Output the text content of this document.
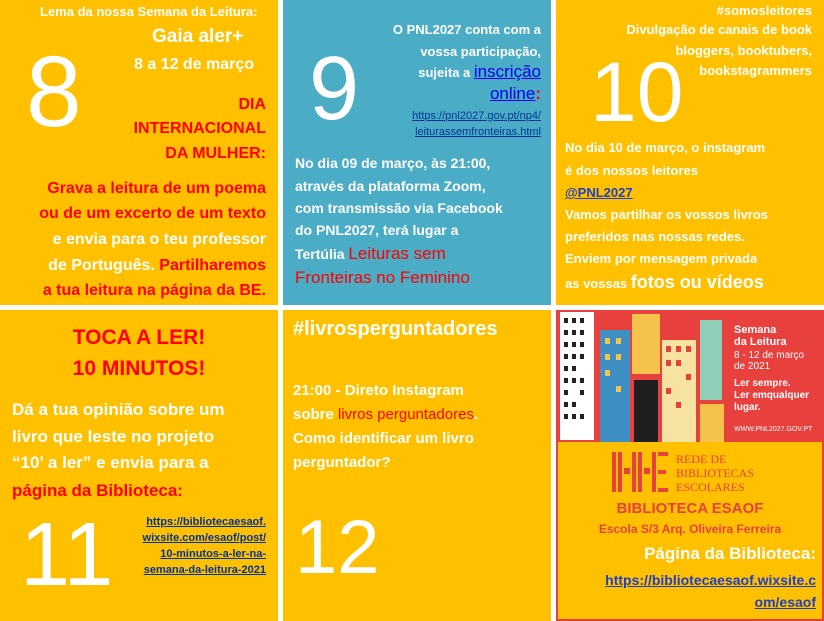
8
Lema da nossa Semana da Leitura:
Gaia aler+
8 a 12 de março
DIA
INTERNACIONAL
DA MULHER:
Grava a leitura de um poema
ou de um excerto de um texto
e envia para o teu professor
de Português. Partilharemos
a tua leitura na página da BE.
9
O PNL2027 conta com a
vossa participação,
sujeita a inscrição
online:
https://pnl2027.gov.pt/np4/
leiturassemfronteiras.html
No dia 09 de março, às 21:00,
através da plataforma Zoom,
com transmissão via Facebook
do PNL2027, terá lugar a
Tertúlia Leituras sem
Fronteiras no Feminino
10
#somosleitores
Divulgação de canais de book
bloggers, booktubers,
bookstagrammers
No dia 10 de março, o instagram
é dos nossos leitores
@PNL2027
Vamos partilhar os vossos livros
preferidos nas nossas redes.
Enviem por mensagem privada
as vossas fotos ou vídeos
TOCA A LER!
10 MINUTOS!
Dá a tua opinião sobre um
livro que leste no projeto
“10’ a ler” e envia para a
página da Biblioteca:
11	https://bibliotecaesaof.
wixsite.com/esaof/post/
10-minutos-a-ler-na-
semana-da-leitura-2021
#livrosperguntadores
21:00 - Direto Instagram
sobre livros perguntadores.
Como identificar um livro
perguntador?
12
Semana
da Leitura
8 - 12 de março
de 2021
Ler sempre.
Ler emqualquer
lugar.
WWW.PNL2027.GOV.PT
REDE DE
BIBLIOTECAS
ESCOLARES
BIBLIOTECA ESAOF
Escola S/3 Arq. Oliveira Ferreira
Página da Biblioteca:
https://bibliotecaesaof.wixsite.c
om/esaof
